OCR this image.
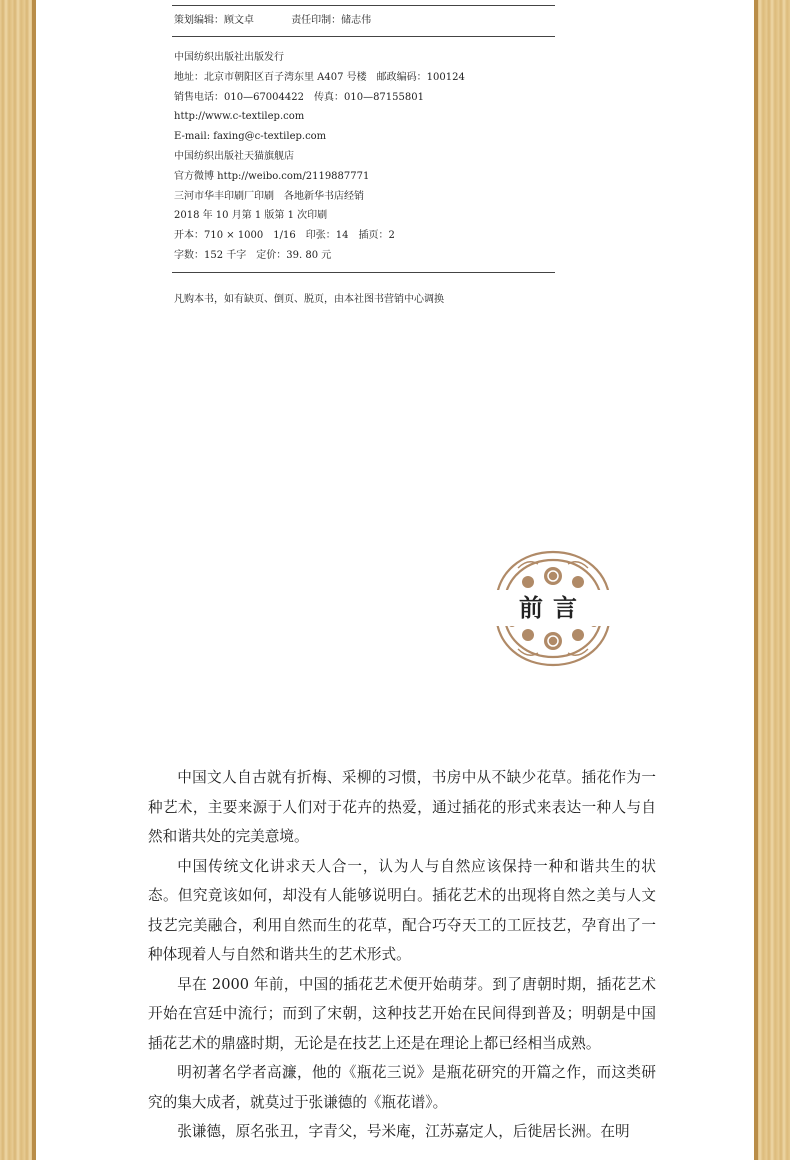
策划编辑：顾文卓	责任印制：储志伟
中国纺织出版社出版发行
地址：北京市朝阳区百子湾东里 A407 号楼　邮政编码：100124
销售电话：010—67004422　传真：010—87155801
http://www.c-textilep.com
E-mail: faxing@c-textilep.com
中国纺织出版社天猫旗舰店
官方微博 http://weibo.com/2119887771
三河市华丰印刷厂印刷　各地新华书店经销
2018 年 10 月第 1 版第 1 次印刷
开本：710 × 1000　1/16　印张：14　插页：2
字数：152 千字　定价：39. 80 元
凡购本书，如有缺页、倒页、脱页，由本社图书营销中心调换
前言

中国文人自古就有折梅、采柳的习惯，书房中从不缺少花草。插花作为一种艺术，主要来源于人们对于花卉的热爱，通过插花的形式来表达一种人与自然和谐共处的完美意境。

中国传统文化讲求天人合一，认为人与自然应该保持一种和谐共生的状态。但究竟该如何，却没有人能够说明白。插花艺术的出现将自然之美与人文技艺完美融合，利用自然而生的花草，配合巧夺天工的工匠技艺，孕育出了一种体现着人与自然和谐共生的艺术形式。

早在 2000 年前，中国的插花艺术便开始萌芽。到了唐朝时期，插花艺术开始在宫廷中流行；而到了宋朝，这种技艺开始在民间得到普及；明朝是中国插花艺术的鼎盛时期，无论是在技艺上还是在理论上都已经相当成熟。

明初著名学者高濂，他的《瓶花三说》是瓶花研究的开篇之作，而这类研究的集大成者，就莫过于张谦德的《瓶花谱》。

张谦德，原名张丑，字青父，号米庵，江苏嘉定人，后徙居长洲。在明
